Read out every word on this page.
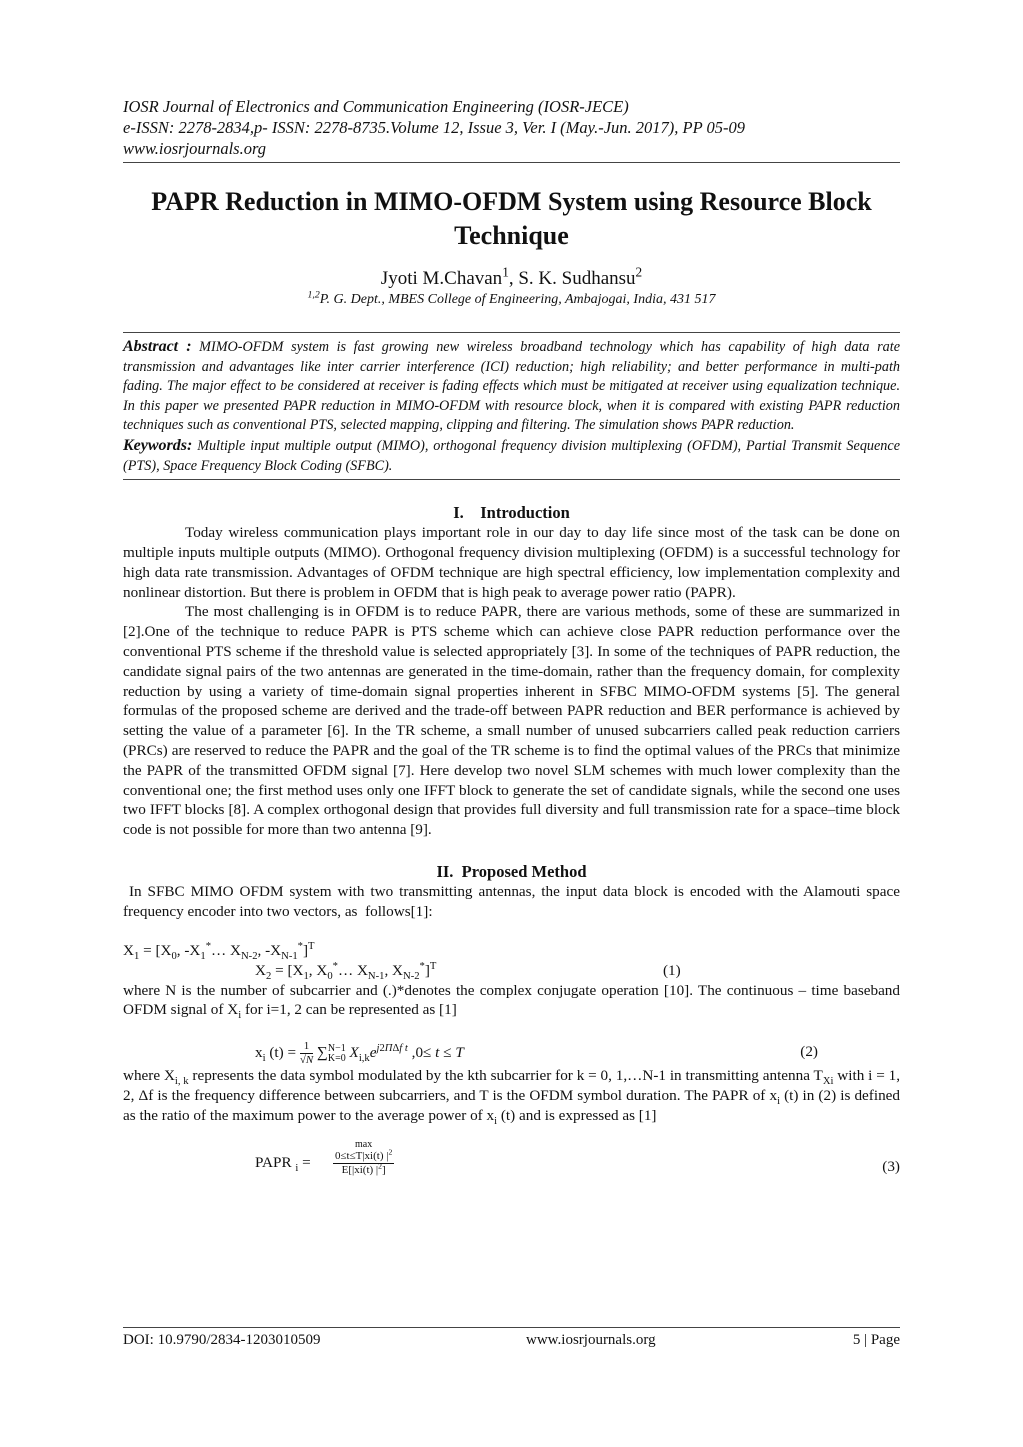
IOSR Journal of Electronics and Communication Engineering (IOSR-JECE)
e-ISSN: 2278-2834,p- ISSN: 2278-8735.Volume 12, Issue 3, Ver. I (May.-Jun. 2017), PP 05-09
www.iosrjournals.org
PAPR Reduction in MIMO-OFDM System using Resource Block
Technique
Jyoti M.Chavan$^1$, S. K. Sudhansu$^2$
$^{1,2}$P. G. Dept., MBES College of Engineering, Ambajogai, India, 431 517

Abstract : MIMO-OFDM system is fast growing new wireless broadband technology which has capability of high data rate transmission and advantages like inter carrier interference (ICI) reduction; high reliability; and better performance in multi-path fading. The major effect to be considered at receiver is fading effects which must be mitigated at receiver using equalization technique. In this paper we presented PAPR reduction in MIMO-OFDM with resource block, when it is compared with existing PAPR reduction techniques such as conventional PTS, selected mapping, clipping and filtering. The simulation shows PAPR reduction.

Keywords: Multiple input multiple output (MIMO), orthogonal frequency division multiplexing (OFDM), Partial Transmit Sequence (PTS), Space Frequency Block Coding (SFBC).

I.    Introduction

Today wireless communication plays important role in our day to day life since most of the task can be done on multiple inputs multiple outputs (MIMO). Orthogonal frequency division multiplexing (OFDM) is a successful technology for high data rate transmission. Advantages of OFDM technique are high spectral efficiency, low implementation complexity and nonlinear distortion. But there is problem in OFDM that is high peak to average power ratio (PAPR).

The most challenging is in OFDM is to reduce PAPR, there are various methods, some of these are summarized in [2].One of the technique to reduce PAPR is PTS scheme which can achieve close PAPR reduction performance over the conventional PTS scheme if the threshold value is selected appropriately [3]. In some of the techniques of PAPR reduction, the candidate signal pairs of the two antennas are generated in the time-domain, rather than the frequency domain, for complexity reduction by using a variety of time-domain signal properties inherent in SFBC MIMO-OFDM systems [5]. The general formulas of the proposed scheme are derived and the trade-off between PAPR reduction and BER performance is achieved by setting the value of a parameter [6]. In the TR scheme, a small number of unused subcarriers called peak reduction carriers (PRCs) are reserved to reduce the PAPR and the goal of the TR scheme is to find the optimal values of the PRCs that minimize the PAPR of the transmitted OFDM signal [7]. Here develop two novel SLM schemes with much lower complexity than the conventional one; the first method uses only one IFFT block to generate the set of candidate signals, while the second one uses two IFFT blocks [8]. A complex orthogonal design that provides full diversity and full transmission rate for a space–time block code is not possible for more than two antenna [9].

II.  Proposed Method

In SFBC MIMO OFDM system with two transmitting antennas, the input data block is encoded with the Alamouti space frequency encoder into two vectors, as  follows[1]:

$X_1 = [X_0$, $-X_1^*\dots$ $X_{N-2}$, $-X_{N-1}^*]^T$
$X_2 = [X_1$, $X_0^*\dots$ $X_{N-1}$, $X_{N-2}^*]^T$	(1)

where N is the number of subcarrier and (.)*denotes the complex conjugate operation [10]. The continuous – time baseband OFDM signal of $X_i$ for i=1, 2 can be represented as [1]

$x_i$ $(t) = \frac{1}{√N} \sum N-1$
K=0 $X_{i,k}e^{j2\Pi\Delta f t}$ ,0≤ t ≤ T	(2)

where $X_{i, k}$ represents the data symbol modulated by the kth subcarrier for k = 0, 1,…N-1 in transmitting antenna $T_{Xi}$ with i = 1, 2, Δf is the frequency difference between subcarriers, and T is the OFDM symbol duration. The PAPR of $x_i$ (t) in (2) is defined as the ratio of the maximum power to the average power of $x_i$ (t) and is expressed as [1]

PAPR $_i$ =
max
0≤t≤T|xi(t) $|^2$
E[|xi(t) $|^2$]	(3)
DOI: 10.9790/2834-1203010509	www.iosrjournals.org	5 | Page
